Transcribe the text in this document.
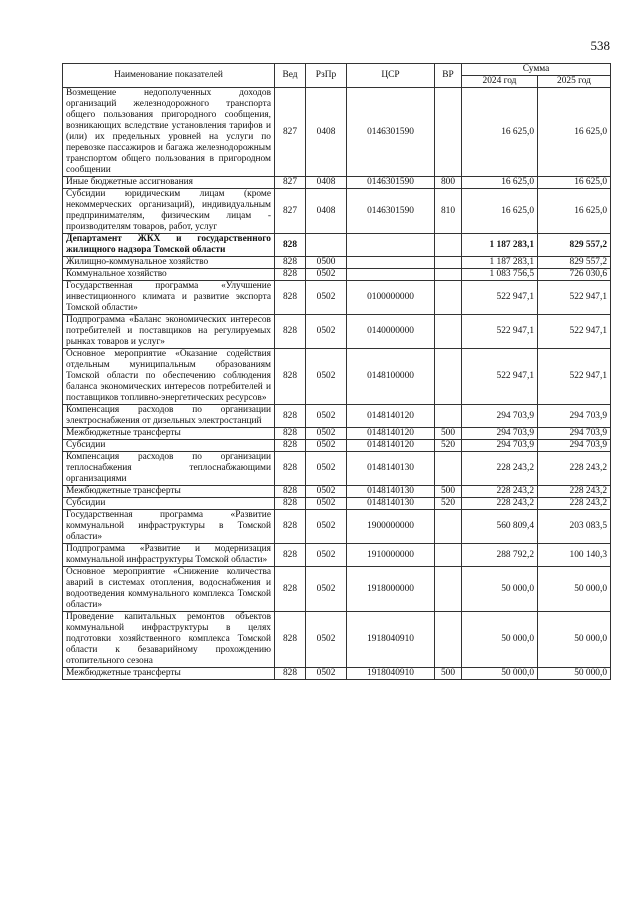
538
Наименование показателей	Вед	РзПр	ЦСР	ВР	Сумма	
					2024 год	2025 год
Возмещение недополученных доходов организаций железнодорожного транспорта общего пользования пригородного сообщения, возникающих вследствие установления тарифов и (или) их предельных уровней на услуги по перевозке пассажиров и багажа железнодорожным транспортом общего пользования в пригородном сообщении	827	0408	0146301590		16 625,0	16 625,0
Иные бюджетные ассигнования	827	0408	0146301590	800	16 625,0	16 625,0
Субсидии юридическим лицам (кроме некоммерческих организаций), индивидуальным предпринимателям, физическим лицам - производителям товаров, работ, услуг	827	0408	0146301590	810	16 625,0	16 625,0
Департамент ЖКХ и государственного жилищного надзора Томской области	828				1 187 283,1	829 557,2
Жилищно-коммунальное хозяйство	828	0500			1 187 283,1	829 557,2
Коммунальное хозяйство	828	0502			1 083 756,5	726 030,6
Государственная программа «Улучшение инвестиционного климата и развитие экспорта Томской области»	828	0502	0100000000		522 947,1	522 947,1
Подпрограмма «Баланс экономических интересов потребителей и поставщиков на регулируемых рынках товаров и услуг»	828	0502	0140000000		522 947,1	522 947,1
Основное мероприятие «Оказание содействия отдельным муниципальным образованиям Томской области по обеспечению соблюдения баланса экономических интересов потребителей и поставщиков топливно-энергетических ресурсов»	828	0502	0148100000		522 947,1	522 947,1
Компенсация расходов по организации электроснабжения от дизельных электростанций	828	0502	0148140120		294 703,9	294 703,9
Межбюджетные трансферты	828	0502	0148140120	500	294 703,9	294 703,9
Субсидии	828	0502	0148140120	520	294 703,9	294 703,9
Компенсация расходов по организации теплоснабжения теплоснабжающими организациями	828	0502	0148140130		228 243,2	228 243,2
Межбюджетные трансферты	828	0502	0148140130	500	228 243,2	228 243,2
Субсидии	828	0502	0148140130	520	228 243,2	228 243,2
Государственная программа «Развитие коммунальной инфраструктуры в Томской области»	828	0502	1900000000		560 809,4	203 083,5
Подпрограмма «Развитие и модернизация коммунальной инфраструктуры Томской области»	828	0502	1910000000		288 792,2	100 140,3
Основное мероприятие «Снижение количества аварий в системах отопления, водоснабжения и водоотведения коммунального комплекса Томской области»	828	0502	1918000000		50 000,0	50 000,0
Проведение капитальных ремонтов объектов коммунальной инфраструктуры в целях подготовки хозяйственного комплекса Томской области к безаварийному прохождению отопительного сезона	828	0502	1918040910		50 000,0	50 000,0
Межбюджетные трансферты	828	0502	1918040910	500	50 000,0	50 000,0
